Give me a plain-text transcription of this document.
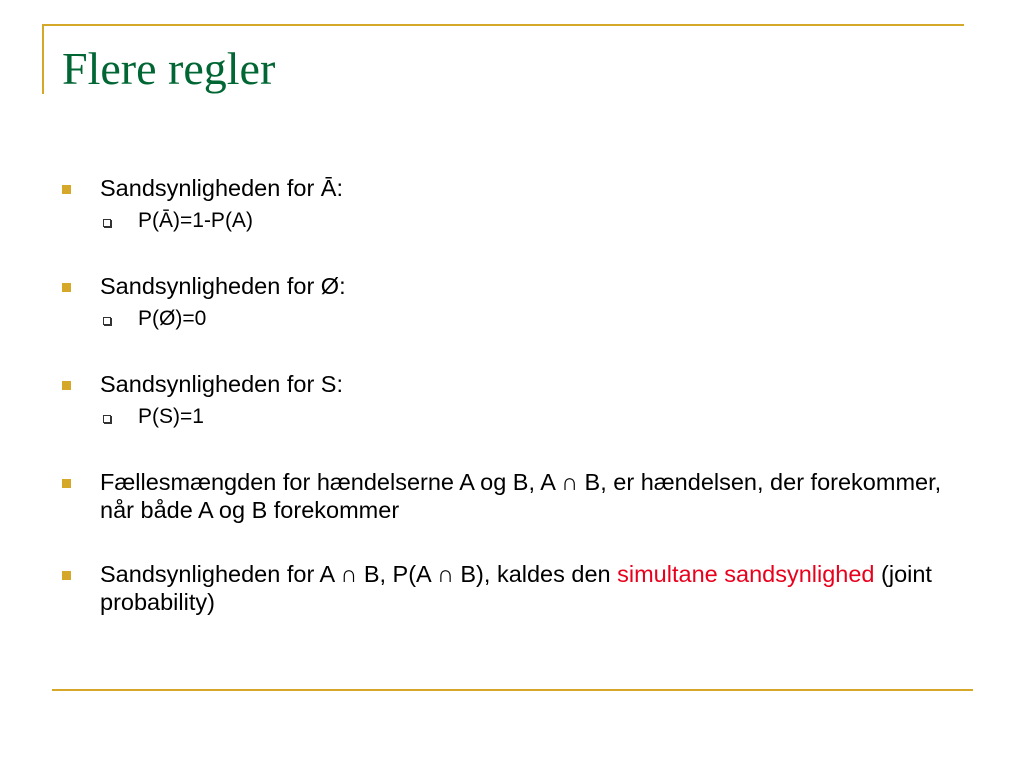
Flere regler
Sandsynligheden for Ā:
P(Ā)=1-P(A)
Sandsynligheden for Ø:
P(Ø)=0
Sandsynligheden for S:
P(S)=1
Fællesmængden for hændelserne A og B, A ∩ B, er hændelsen, der forekommer, når både A og B forekommer
Sandsynligheden for A ∩ B, P(A ∩ B), kaldes den simultane sandsynlighed (joint probability)
